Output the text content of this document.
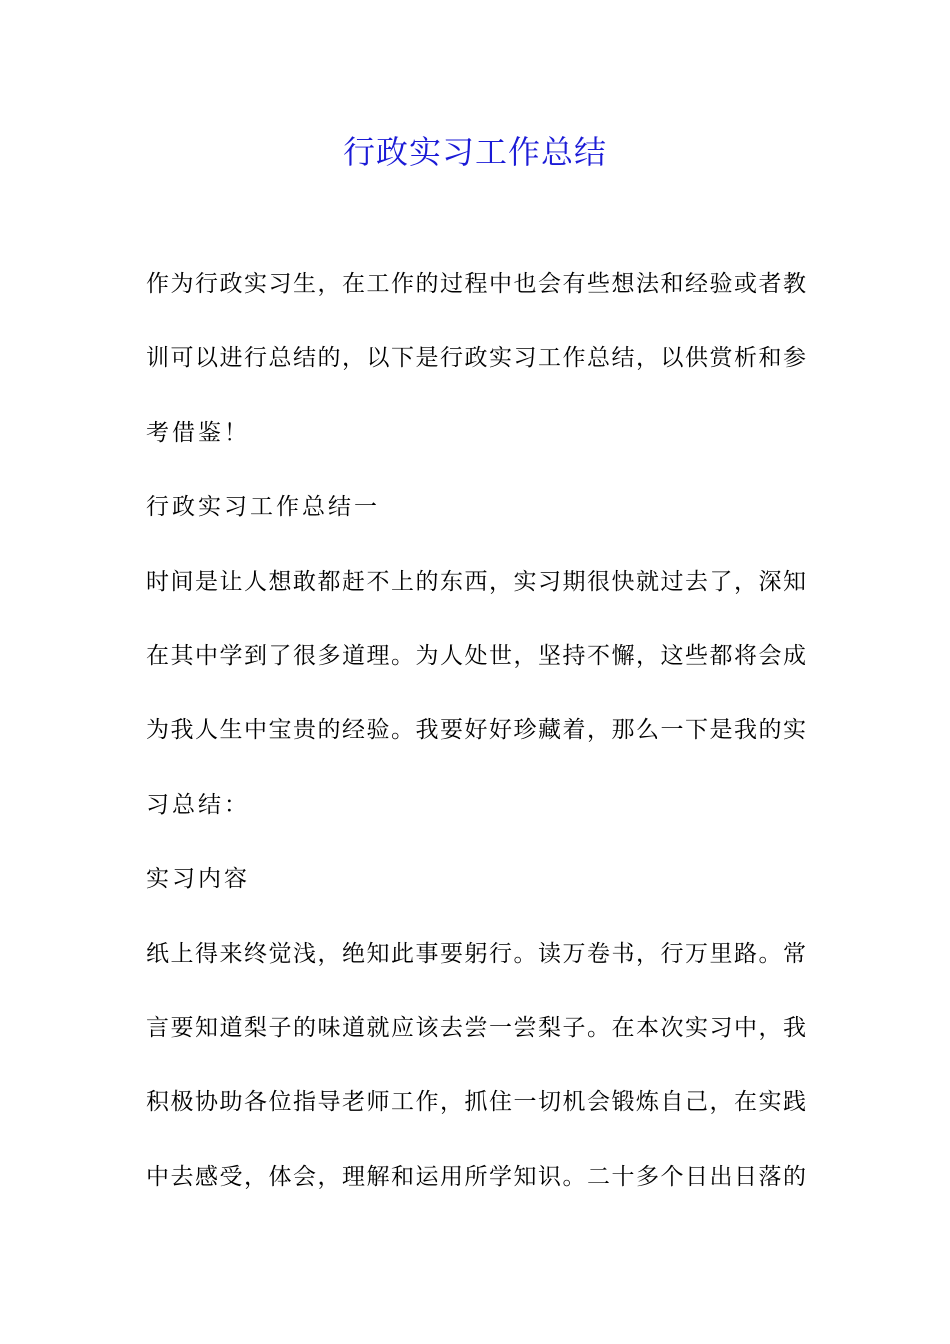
行政实习工作总结
作为行政实习生，在工作的过程中也会有些想法和经验或者教
训可以进行总结的，以下是行政实习工作总结，以供赏析和参
考借鉴！
行政实习工作总结一
时间是让人想敢都赶不上的东西，实习期很快就过去了，深知
在其中学到了很多道理。为人处世，坚持不懈，这些都将会成
为我人生中宝贵的经验。我要好好珍藏着，那么一下是我的实
习总结：
实习内容
纸上得来终觉浅，绝知此事要躬行。读万卷书，行万里路。常
言要知道梨子的味道就应该去尝一尝梨子。在本次实习中，我
积极协助各位指导老师工作，抓住一切机会锻炼自己，在实践
中去感受，体会，理解和运用所学知识。二十多个日出日落的
